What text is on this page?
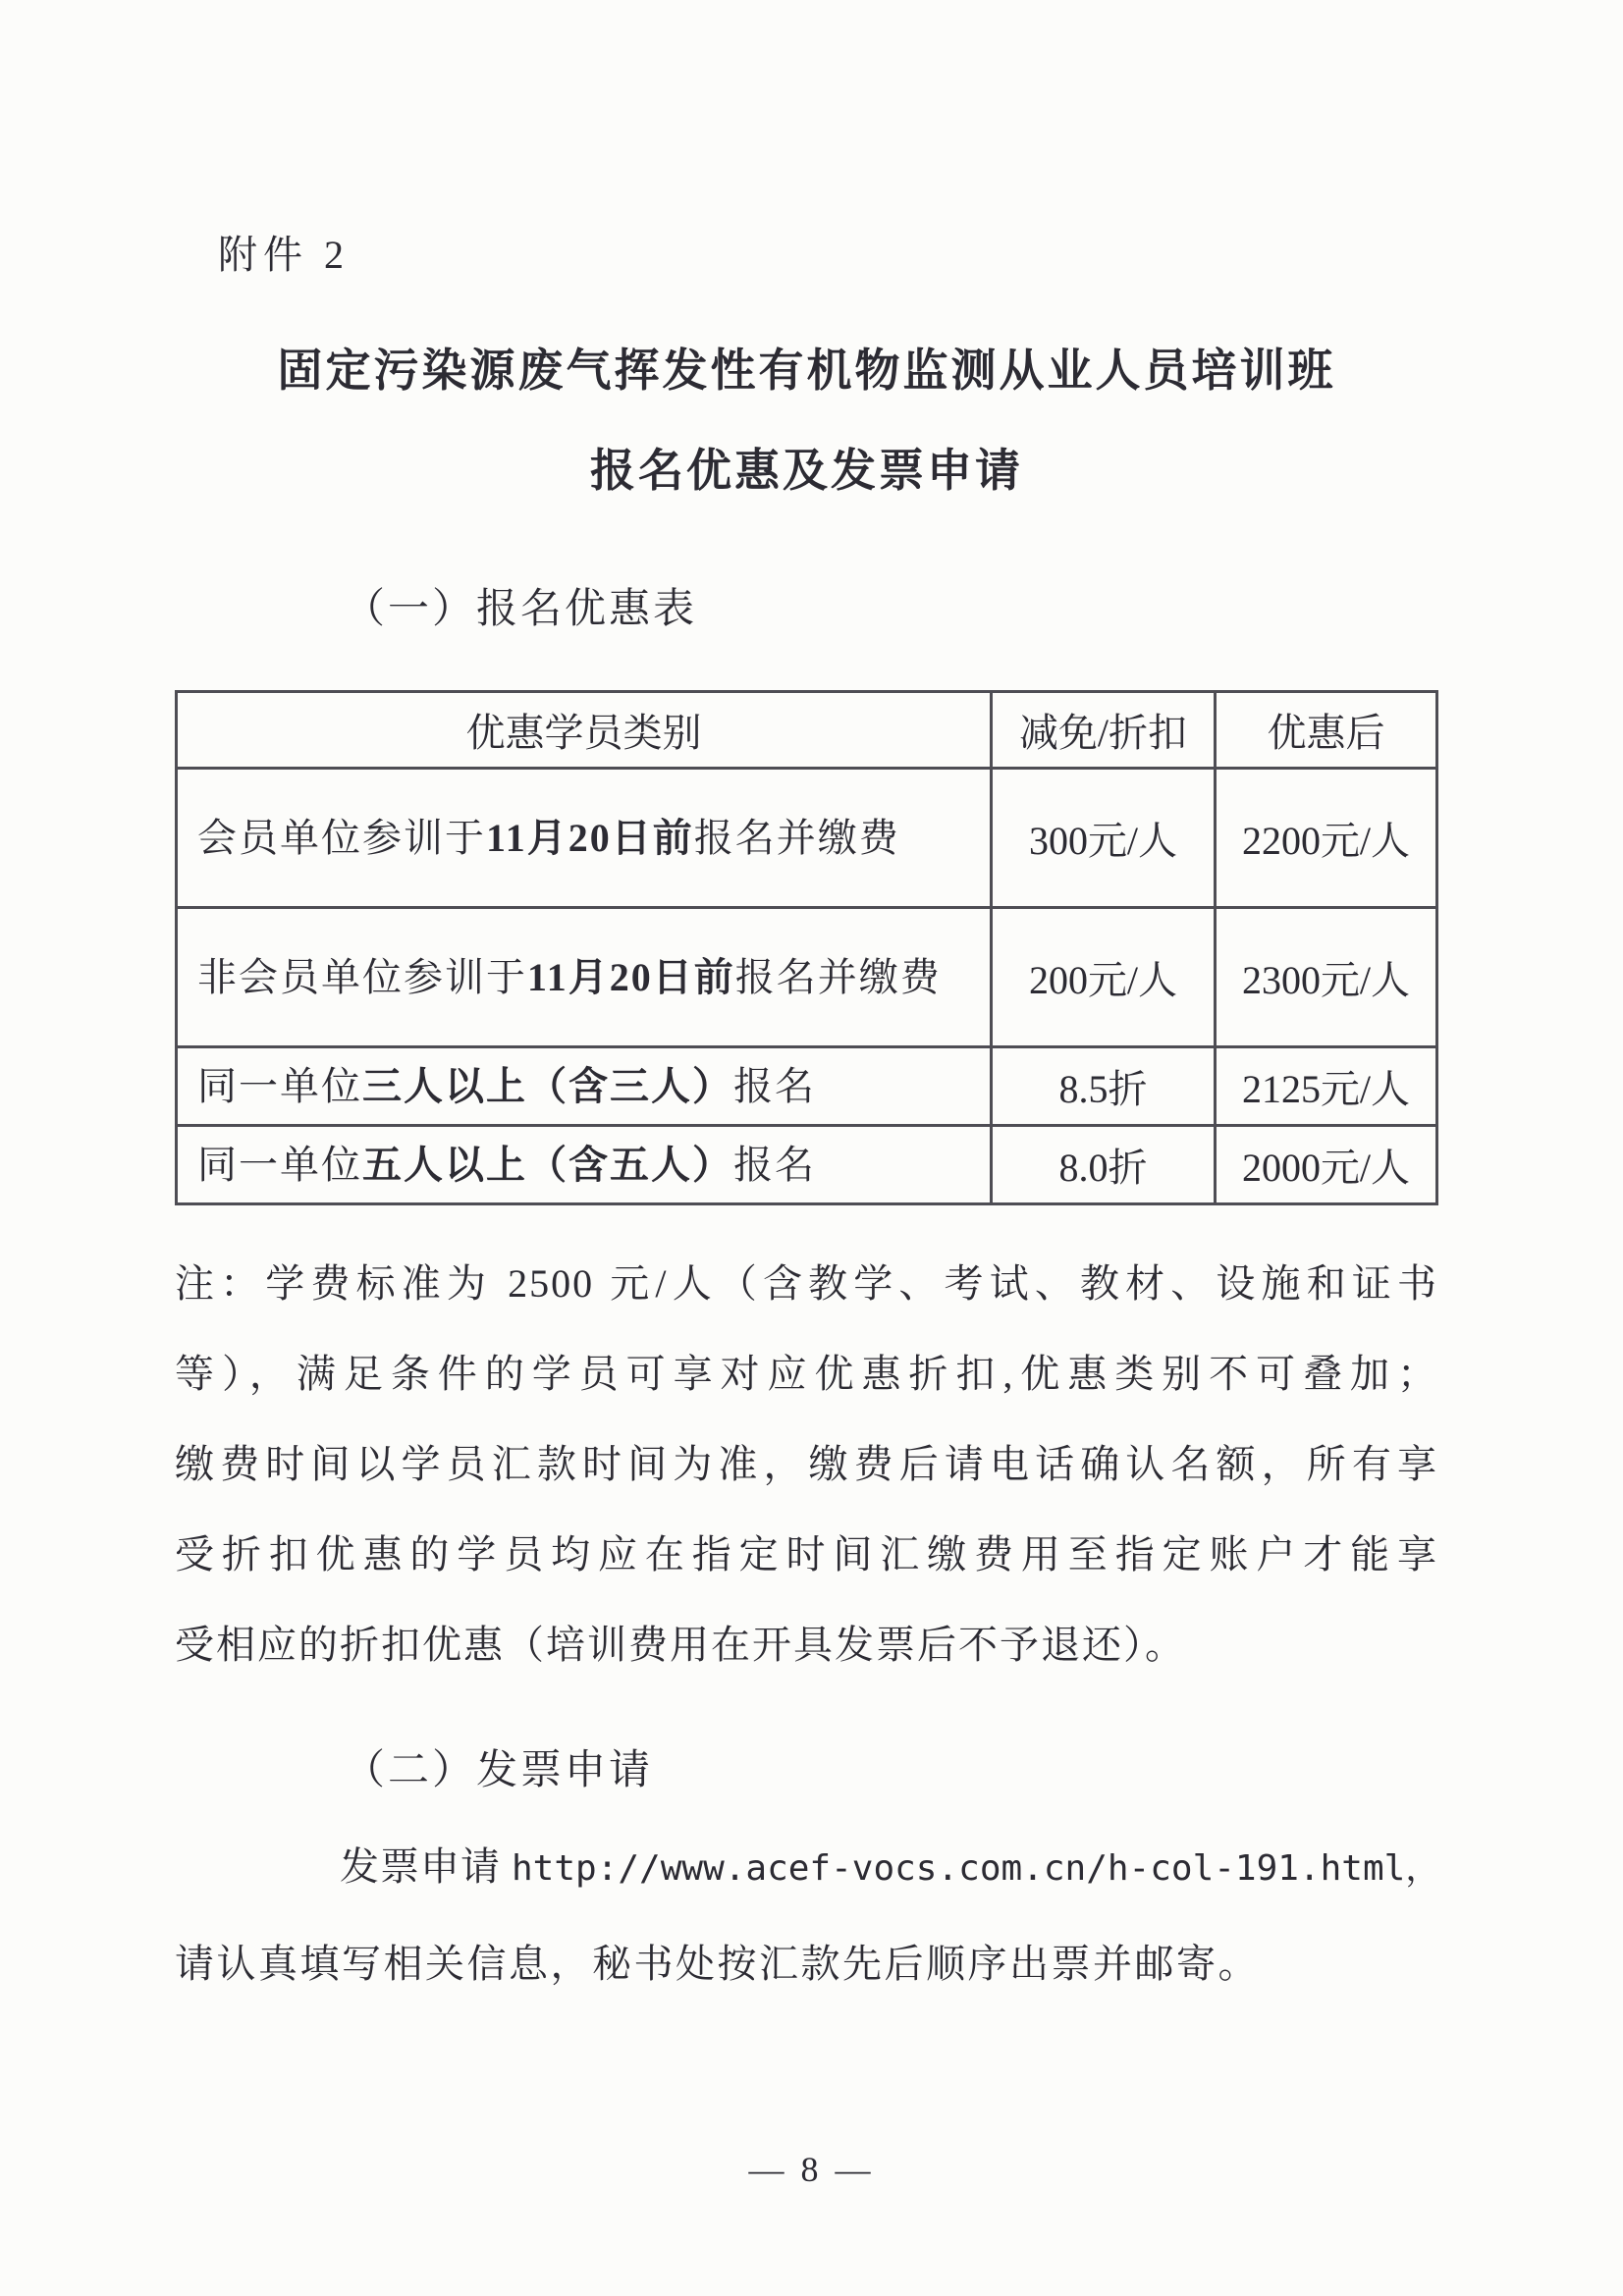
附件 2
固定污染源废气挥发性有机物监测从业人员培训班
报名优惠及发票申请
（一）报名优惠表
优惠学员类别	减免/折扣	优惠后
会员单位参训于11月20日前报名并缴费	300元/人	2200元/人
非会员单位参训于11月20日前报名并缴费	200元/人	2300元/人
同一单位三人以上（含三人）报名	8.5折	2125元/人
同一单位五人以上（含五人）报名	8.0折	2000元/人
注：学费标准为 2500 元/人（含教学、考试、教材、设施和证书
等），满足条件的学员可享对应优惠折扣,优惠类别不可叠加；
缴费时间以学员汇款时间为准，缴费后请电话确认名额，所有享
受折扣优惠的学员均应在指定时间汇缴费用至指定账户才能享
受相应的折扣优惠（培训费用在开具发票后不予退还）。
（二）发票申请
发票申请 http://www.acef-vocs.com.cn/h-col-191.html，
请认真填写相关信息，秘书处按汇款先后顺序出票并邮寄。
— 8 —
